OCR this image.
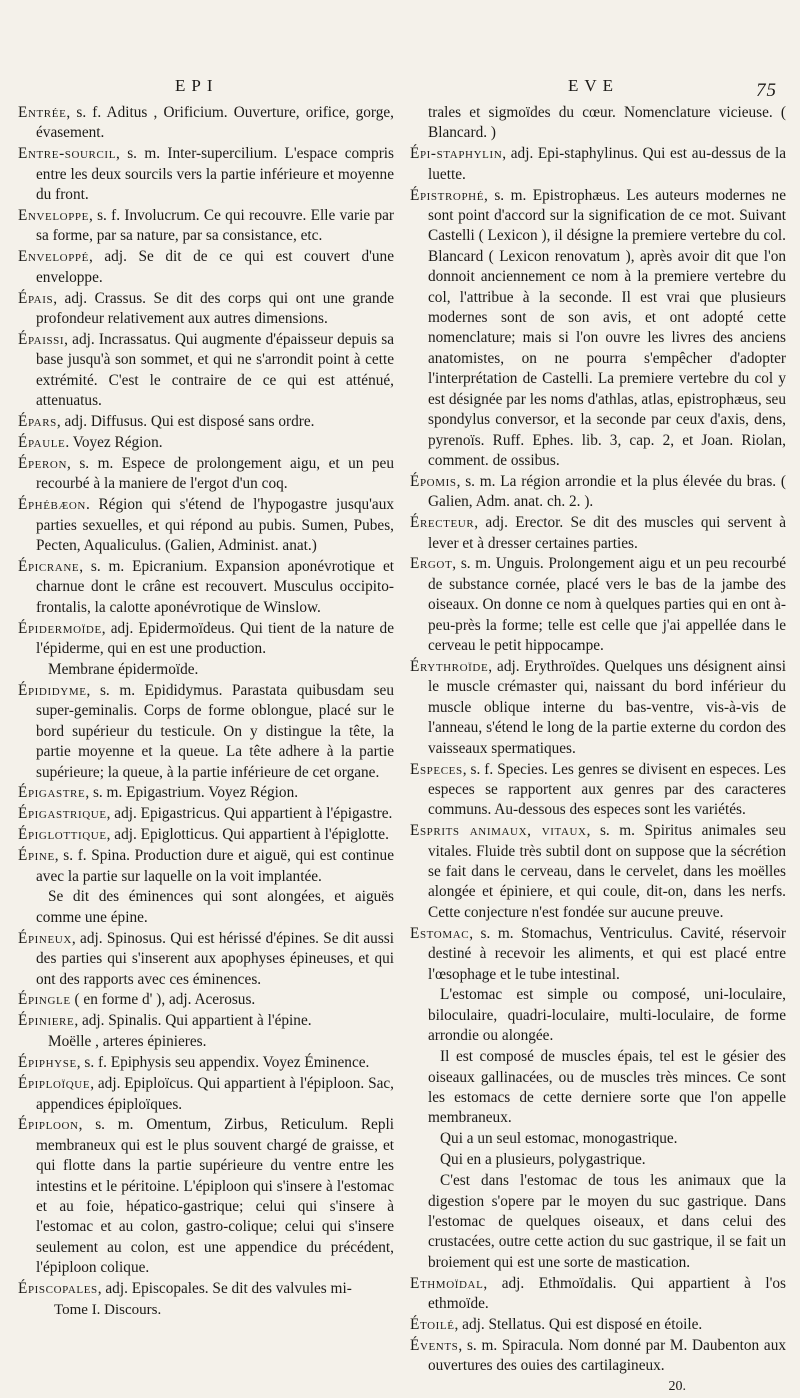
EPI	EVE	75
Entrée, s. f. Aditus , Orificium. Ouverture, orifice, gorge, évasement.
Entre-sourcil, s. m. Inter-supercilium. L'espace compris entre les deux sourcils vers la partie inférieure et moyenne du front.
Enveloppe, s. f. Involucrum. Ce qui recouvre. Elle varie par sa forme, par sa nature, par sa consistance, etc.
Enveloppé, adj. Se dit de ce qui est couvert d'une enveloppe.
Épais, adj. Crassus. Se dit des corps qui ont une grande profondeur relativement aux autres dimensions.
Épaissi, adj. Incrassatus. Qui augmente d'épaisseur depuis sa base jusqu'à son sommet, et qui ne s'arrondit point à cette extrémité. C'est le contraire de ce qui est atténué, attenuatus.
Épars, adj. Diffusus. Qui est disposé sans ordre.
Épaule. Voyez Région.
Éperon, s. m. Espece de prolongement aigu, et un peu recourbé à la maniere de l'ergot d'un coq.
Éphébæon. Région qui s'étend de l'hypogastre jusqu'aux parties sexuelles, et qui répond au pubis. Sumen, Pubes, Pecten, Aqualiculus. (Galien, Administ. anat.)
Épicrane, s. m. Epicranium. Expansion aponévrotique et charnue dont le crâne est recouvert. Musculus occipito-frontalis, la calotte aponévrotique de Winslow.
Épidermoïde, adj. Epidermoïdeus. Qui tient de la nature de l'épiderme, qui en est une production.
Membrane épidermoïde.
Épididyme, s. m. Epididymus. Parastata quibusdam seu super-geminalis. Corps de forme oblongue, placé sur le bord supérieur du testicule. On y distingue la tête, la partie moyenne et la queue. La tête adhere à la partie supérieure; la queue, à la partie inférieure de cet organe.
Épigastre, s. m. Epigastrium. Voyez Région.
Épigastrique, adj. Epigastricus. Qui appartient à l'épigastre.
Épiglottique, adj. Epiglotticus. Qui appartient à l'épiglotte.
Épine, s. f. Spina. Production dure et aiguë, qui est continue avec la partie sur laquelle on la voit implantée.
Se dit des éminences qui sont alongées, et aiguës comme une épine.
Épineux, adj. Spinosus. Qui est hérissé d'épines. Se dit aussi des parties qui s'inserent aux apophyses épineuses, et qui ont des rapports avec ces éminences.
Épingle ( en forme d' ), adj. Acerosus.
Épiniere, adj. Spinalis. Qui appartient à l'épine.
Moëlle , arteres épinieres.
Épiphyse, s. f. Epiphysis seu appendix. Voyez Éminence.
Épiploïque, adj. Epiploïcus. Qui appartient à l'épiploon. Sac, appendices épiploïques.
Épiploon, s. m. Omentum, Zirbus, Reticulum. Repli membraneux qui est le plus souvent chargé de graisse, et qui flotte dans la partie supérieure du ventre entre les intestins et le péritoine. L'épiploon qui s'insere à l'estomac et au foie, hépatico-gastrique; celui qui s'insere à l'estomac et au colon, gastro-colique; celui qui s'insere seulement au colon, est une appendice du précédent, l'épiploon colique.
Épiscopales, adj. Episcopales. Se dit des valvules mi-
Tome I. Discours.
trales et sigmoïdes du cœur. Nomenclature vicieuse. ( Blancard. )
Épi-staphylin, adj. Epi-staphylinus. Qui est au-dessus de la luette.
Épistrophé, s. m. Epistrophæus. Les auteurs modernes ne sont point d'accord sur la signification de ce mot. Suivant Castelli ( Lexicon ), il désigne la premiere vertebre du col. Blancard ( Lexicon renovatum ), après avoir dit que l'on donnoit anciennement ce nom à la premiere vertebre du col, l'attribue à la seconde. Il est vrai que plusieurs modernes sont de son avis, et ont adopté cette nomenclature; mais si l'on ouvre les livres des anciens anatomistes, on ne pourra s'empêcher d'adopter l'interprétation de Castelli. La premiere vertebre du col y est désignée par les noms d'athlas, atlas, epistrophæus, seu spondylus conversor, et la seconde par ceux d'axis, dens, pyrenoïs. Ruff. Ephes. lib. 3, cap. 2, et Joan. Riolan, comment. de ossibus.
Épomis, s. m. La région arrondie et la plus élevée du bras. ( Galien, Adm. anat. ch. 2. ).
Érecteur, adj. Erector. Se dit des muscles qui servent à lever et à dresser certaines parties.
Ergot, s. m. Unguis. Prolongement aigu et un peu recourbé de substance cornée, placé vers le bas de la jambe des oiseaux. On donne ce nom à quelques parties qui en ont à-peu-près la forme; telle est celle que j'ai appellée dans le cerveau le petit hippocampe.
Érythroïde, adj. Erythroïdes. Quelques uns désignent ainsi le muscle crémaster qui, naissant du bord inférieur du muscle oblique interne du bas-ventre, vis-à-vis de l'anneau, s'étend le long de la partie externe du cordon des vaisseaux spermatiques.
Especes, s. f. Species. Les genres se divisent en especes. Les especes se rapportent aux genres par des caracteres communs. Au-dessous des especes sont les variétés.
Esprits animaux, vitaux, s. m. Spiritus animales seu vitales. Fluide très subtil dont on suppose que la sécrétion se fait dans le cerveau, dans le cervelet, dans les moëlles alongée et épiniere, et qui coule, dit-on, dans les nerfs. Cette conjecture n'est fondée sur aucune preuve.
Estomac, s. m. Stomachus, Ventriculus. Cavité, réservoir destiné à recevoir les aliments, et qui est placé entre l'œsophage et le tube intestinal.
L'estomac est simple ou composé, uni-loculaire, biloculaire, quadri-loculaire, multi-loculaire, de forme arrondie ou alongée.
Il est composé de muscles épais, tel est le gésier des oiseaux gallinacées, ou de muscles très minces. Ce sont les estomacs de cette derniere sorte que l'on appelle membraneux.
Qui a un seul estomac, monogastrique.
Qui en a plusieurs, polygastrique.
C'est dans l'estomac de tous les animaux que la digestion s'opere par le moyen du suc gastrique. Dans l'estomac de quelques oiseaux, et dans celui des crustacées, outre cette action du suc gastrique, il se fait un broiement qui est une sorte de mastication.
Ethmoïdal, adj. Ethmoïdalis. Qui appartient à l'os ethmoïde.
Étoilé, adj. Stellatus. Qui est disposé en étoile.
Évents, s. m. Spiracula. Nom donné par M. Daubenton aux ouvertures des ouies des cartilagineux.
20.
